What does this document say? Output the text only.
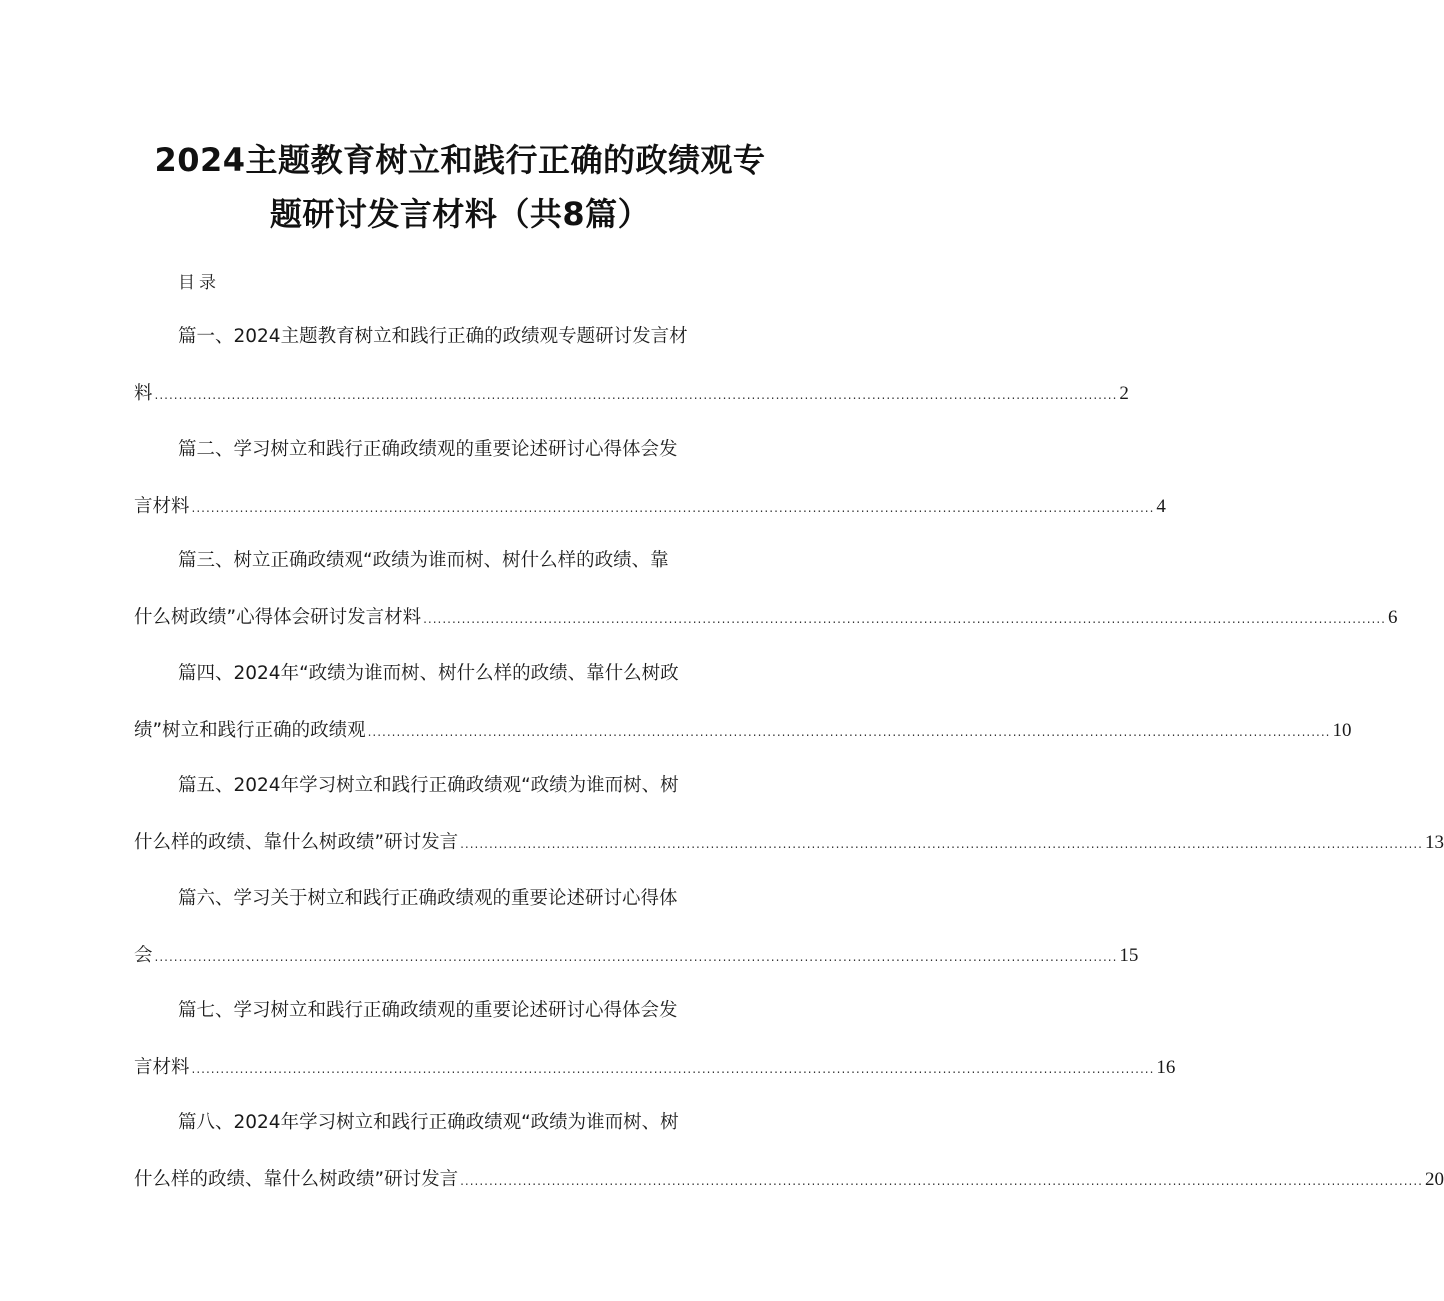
2024主题教育树立和践行正确的政绩观专
题研讨发言材料（共8篇）
目录
篇一、2024主题教育树立和践行正确的政绩观专题研讨发言材
料 ........................................................................................................................................................................................................ 2
篇二、学习树立和践行正确政绩观的重要论述研讨心得体会发
言材料 ........................................................................................................................................................................................................ 4
篇三、树立正确政绩观“政绩为谁而树、树什么样的政绩、靠
什么树政绩”心得体会研讨发言材料 ........................................................................................................................................................................................................ 6
篇四、2024年“政绩为谁而树、树什么样的政绩、靠什么树政
绩”树立和践行正确的政绩观 ........................................................................................................................................................................................................ 10
篇五、2024年学习树立和践行正确政绩观“政绩为谁而树、树
什么样的政绩、靠什么树政绩”研讨发言 ........................................................................................................................................................................................................ 13
篇六、学习关于树立和践行正确政绩观的重要论述研讨心得体
会 ........................................................................................................................................................................................................ 15
篇七、学习树立和践行正确政绩观的重要论述研讨心得体会发
言材料 ........................................................................................................................................................................................................ 16
篇八、2024年学习树立和践行正确政绩观“政绩为谁而树、树
什么样的政绩、靠什么树政绩”研讨发言 ........................................................................................................................................................................................................ 20
